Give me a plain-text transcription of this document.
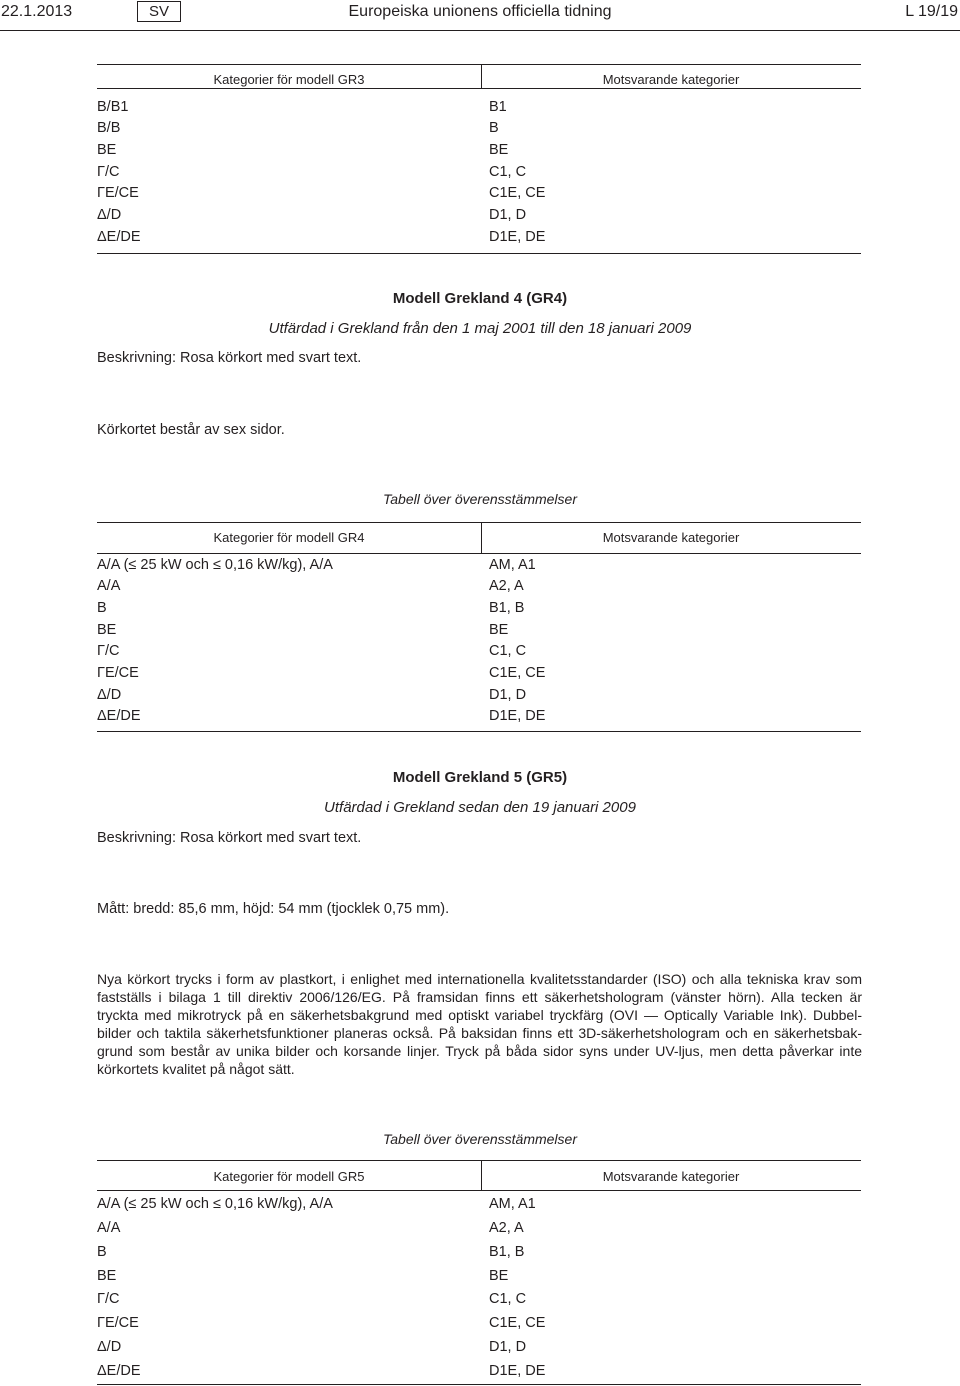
22.1.2013	SV	Europeiska unionens officiella tidning	L 19/19
Kategorier för modell GR3	Motsvarande kategorier
B/B1	B1
B/B	B
BE	BE
Γ/C	C1, C
ΓE/CE	C1E, CE
Δ/D	D1, D
ΔE/DE	D1E, DE
Modell Grekland 4 (GR4)
Utfärdad i Grekland från den 1 maj 2001 till den 18 januari 2009
Beskrivning: Rosa körkort med svart text.
Körkortet består av sex sidor.
Tabell över överensstämmelser
Kategorier för modell GR4	Motsvarande kategorier
A/A (≤ 25 kW och ≤ 0,16 kW/kg), A/A	AM, A1
A/A	A2, A
B	B1, B
BE	BE
Γ/C	C1, C
ΓE/CE	C1E, CE
Δ/D	D1, D
ΔE/DE	D1E, DE
Modell Grekland 5 (GR5)
Utfärdad i Grekland sedan den 19 januari 2009
Beskrivning: Rosa körkort med svart text.
Mått: bredd: 85,6 mm, höjd: 54 mm (tjocklek 0,75 mm).
Nya körkort trycks i form av plastkort, i enlighet med internationella kvalitetsstandarder (ISO) och alla tekniska krav som
fastställs i bilaga 1 till direktiv 2006/126/EG. På framsidan finns ett säkerhetshologram (vänster hörn). Alla tecken är
tryckta med mikrotryck på en säkerhetsbakgrund med optiskt variabel tryckfärg (OVI — Optically Variable Ink). Dubbel-
bilder och taktila säkerhetsfunktioner planeras också. På baksidan finns ett 3D-säkerhetshologram och en säkerhetsbak-
grund som består av unika bilder och korsande linjer. Tryck på båda sidor syns under UV-ljus, men detta påverkar inte
körkortets kvalitet på något sätt.
Tabell över överensstämmelser
Kategorier för modell GR5	Motsvarande kategorier
A/A (≤ 25 kW och ≤ 0,16 kW/kg), A/A	AM, A1
A/A	A2, A
B	B1, B
BE	BE
Γ/C	C1, C
ΓE/CE	C1E, CE
Δ/D	D1, D
ΔE/DE	D1E, DE
